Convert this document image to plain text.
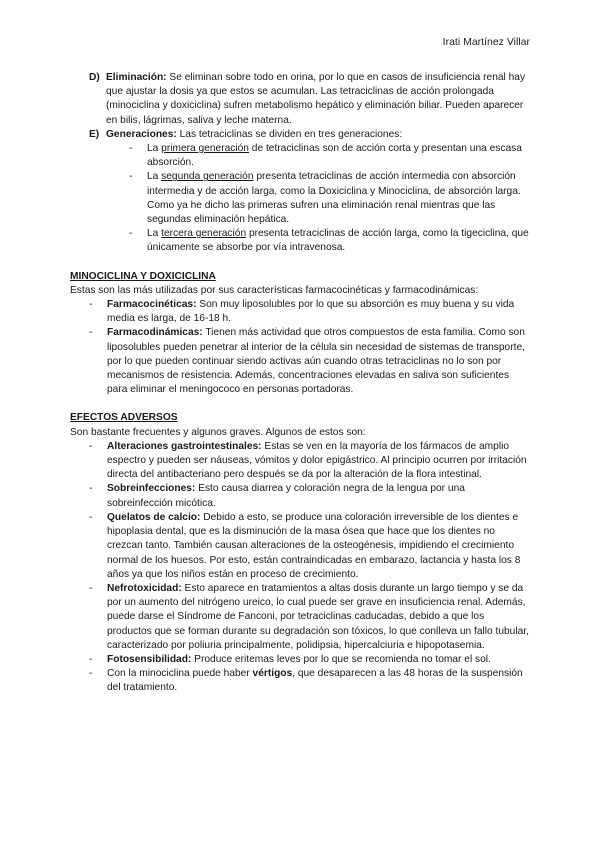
Irati Martínez Villar
D) Eliminación: Se eliminan sobre todo en orina, por lo que en casos de insuficiencia renal hay que ajustar la dosis ya que estos se acumulan. Las tetraciclinas de acción prolongada (minociclina y doxiciclina) sufren metabolismo hepático y eliminación biliar. Pueden aparecer en bilis, lágrimas, saliva y leche materna.

E) Generaciones: Las tetraciclinas se dividen en tres generaciones:

-	La primera generación de tetraciclinas son de acción corta y presentan una escasa absorción.
-	La segunda generación presenta tetraciclinas de acción intermedia con absorción intermedia y de acción larga, como la Doxiciclina y Minociclina, de absorción larga. Como ya he dicho las primeras sufren una eliminación renal mientras que las segundas eliminación hepática.
-	La tercera generación presenta tetraciclinas de acción larga, como la tigeciclina, que únicamente se absorbe por vía intravenosa.

MINOCICLINA Y DOXICICLINA

Estas son las más utilizadas por sus características farmacocinéticas y farmacodinámicas:

-	Farmacocinéticas: Son muy liposolubles por lo que su absorción es muy buena y su vida media es larga, de 16-18 h.
-	Farmacodinámicas: Tienen más actividad que otros compuestos de esta familia. Como son liposolubles pueden penetrar al interior de la célula sin necesidad de sistemas de transporte, por lo que pueden continuar siendo activas aún cuando otras tetraciclinas no lo son por mecanismos de resistencia. Además, concentraciones elevadas en saliva son suficientes para eliminar el meningococo en personas portadoras.

EFECTOS ADVERSOS

Son bastante frecuentes y algunos graves. Algunos de estos son:

-	Alteraciones gastrointestinales: Estas se ven en la mayoría de los fármacos de amplio espectro y pueden ser náuseas, vómitos y dolor epigástrico. Al principio ocurren por irritación directa del antibacteriano pero después se da por la alteración de la flora intestinal.
-	Sobreinfecciones: Esto causa diarrea y coloración negra de la lengua por una sobreinfección micótica.
-	Quelatos de calcio: Debido a esto, se produce una coloración irreversible de los dientes e hipoplasia dental, que es la disminución de la masa ósea que hace que los dientes no crezcan tanto. También causan alteraciones de la osteogénesis, impidiendo el crecimiento normal de los huesos. Por esto, están contraindicadas en embarazo, lactancia y hasta los 8 años ya que los niños están en proceso de crecimiento.
-	Nefrotoxicidad: Esto aparece en tratamientos a altas dosis durante un largo tiempo y se da por un aumento del nitrógeno ureico, lo cual puede ser grave en insuficiencia renal. Además, puede darse el Síndrome de Fanconi, por tetraciclinas caducadas, debido a que los productos que se forman durante su degradación son tóxicos, lo que conlleva un fallo tubular, caracterizado por poliuria principalmente, polidipsia, hipercalciuria e hipopotasemia.
-	Fotosensibilidad: Produce eritemas leves por lo que se recomienda no tomar el sol.
-	Con la minociclina puede haber vértigos, que desaparecen a las 48 horas de la suspensión del tratamiento.
